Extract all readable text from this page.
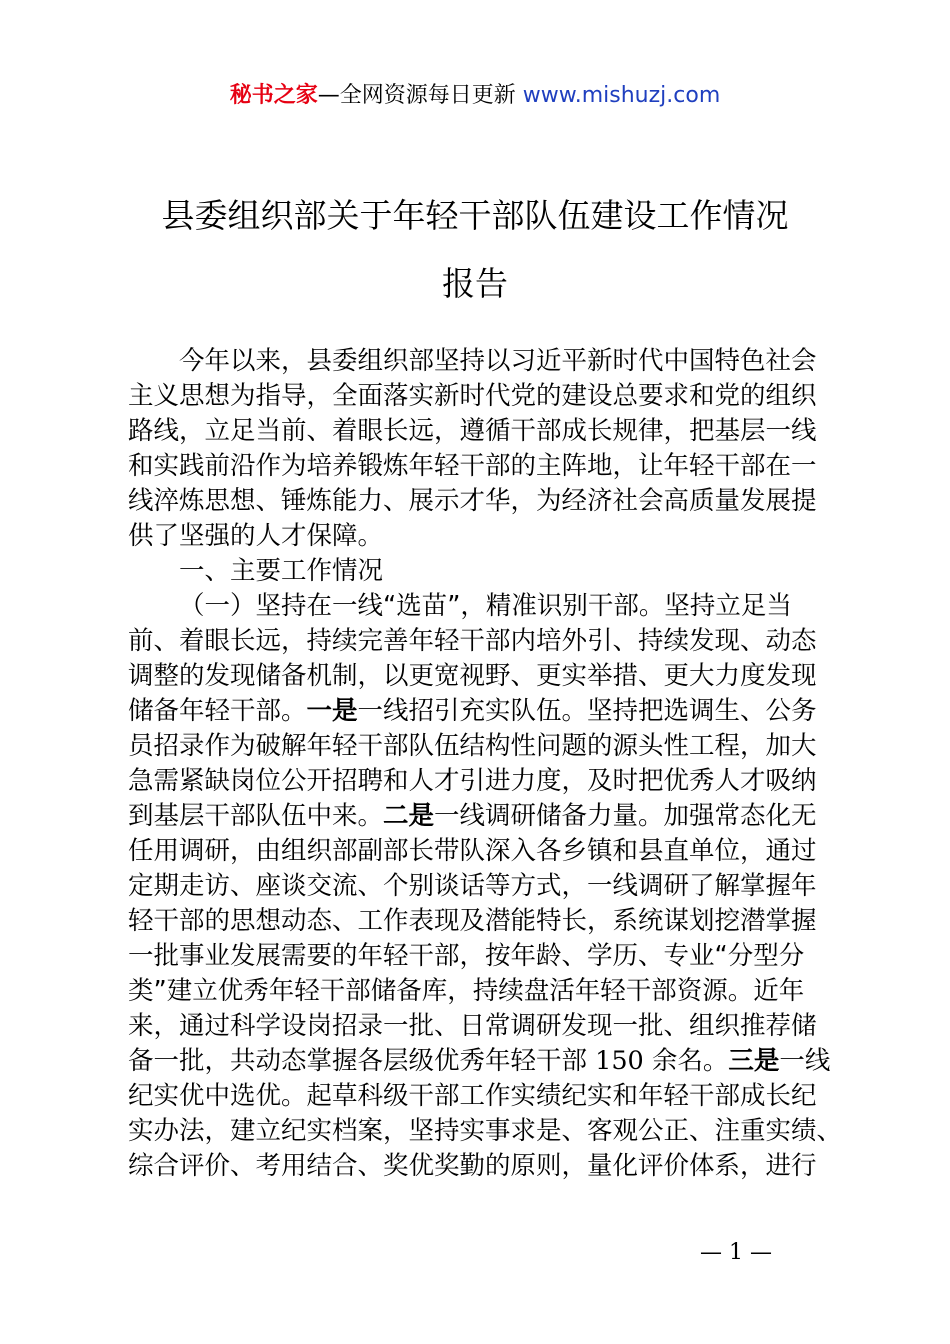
秘书之家—全网资源每日更新 www.mishuzj.com
县委组织部关于年轻干部队伍建设工作情况
报告
今年以来，县委组织部坚持以习近平新时代中国特色社会
主义思想为指导，全面落实新时代党的建设总要求和党的组织
路线，立足当前、着眼长远，遵循干部成长规律，把基层一线
和实践前沿作为培养锻炼年轻干部的主阵地，让年轻干部在一
线淬炼思想、锤炼能力、展示才华，为经济社会高质量发展提
供了坚强的人才保障。
一、主要工作情况
（一）坚持在一线“选苗”，精准识别干部。坚持立足当
前、着眼长远，持续完善年轻干部内培外引、持续发现、动态
调整的发现储备机制，以更宽视野、更实举措、更大力度发现
储备年轻干部。一是一线招引充实队伍。坚持把选调生、公务
员招录作为破解年轻干部队伍结构性问题的源头性工程，加大
急需紧缺岗位公开招聘和人才引进力度，及时把优秀人才吸纳
到基层干部队伍中来。二是一线调研储备力量。加强常态化无
任用调研，由组织部副部长带队深入各乡镇和县直单位，通过
定期走访、座谈交流、个别谈话等方式，一线调研了解掌握年
轻干部的思想动态、工作表现及潜能特长，系统谋划挖潜掌握
一批事业发展需要的年轻干部，按年龄、学历、专业“分型分
类”建立优秀年轻干部储备库，持续盘活年轻干部资源。近年
来，通过科学设岗招录一批、日常调研发现一批、组织推荐储
备一批，共动态掌握各层级优秀年轻干部 150 余名。三是一线
纪实优中选优。起草科级干部工作实绩纪实和年轻干部成长纪
实办法，建立纪实档案，坚持实事求是、客观公正、注重实绩、
综合评价、考用结合、奖优奖勤的原则，量化评价体系，进行
— 1 —
